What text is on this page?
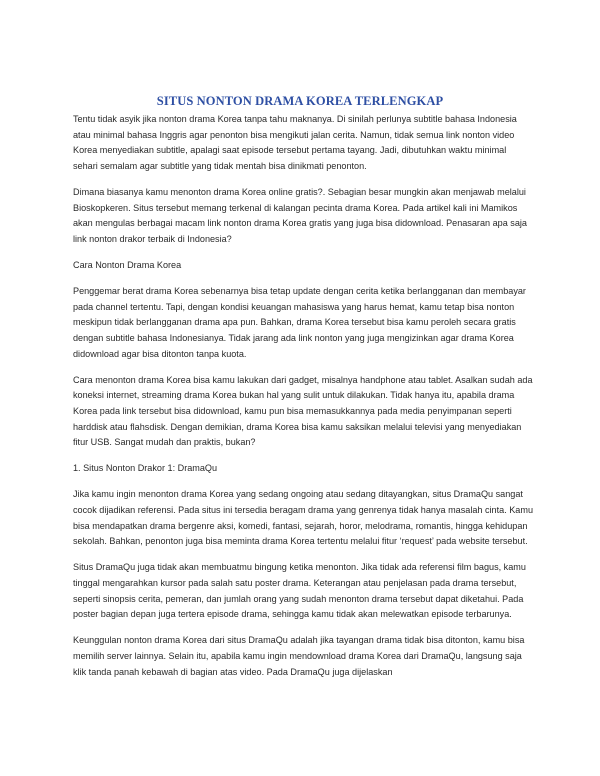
SITUS NONTON DRAMA KOREA TERLENGKAP

Tentu tidak asyik jika nonton drama Korea tanpa tahu maknanya. Di sinilah perlunya subtitle bahasa Indonesia atau minimal bahasa Inggris agar penonton bisa mengikuti jalan cerita. Namun, tidak semua link nonton video Korea menyediakan subtitle, apalagi saat episode tersebut pertama tayang. Jadi, dibutuhkan waktu minimal sehari semalam agar subtitle yang tidak mentah bisa dinikmati penonton.

Dimana biasanya kamu menonton drama Korea online gratis?. Sebagian besar mungkin akan menjawab melalui Bioskopkeren. Situs tersebut memang terkenal di kalangan pecinta drama Korea. Pada artikel kali ini Mamikos akan mengulas berbagai macam link nonton drama Korea gratis yang juga bisa didownload. Penasaran apa saja link nonton drakor terbaik di Indonesia?

Cara Nonton Drama Korea

Penggemar berat drama Korea sebenarnya bisa tetap update dengan cerita ketika berlangganan dan membayar pada channel tertentu. Tapi, dengan kondisi keuangan mahasiswa yang harus hemat, kamu tetap bisa nonton meskipun tidak berlangganan drama apa pun. Bahkan, drama Korea tersebut bisa kamu peroleh secara gratis dengan subtitle bahasa Indonesianya. Tidak jarang ada link nonton yang juga mengizinkan agar drama Korea didownload agar bisa ditonton tanpa kuota.

Cara menonton drama Korea bisa kamu lakukan dari gadget, misalnya handphone atau tablet. Asalkan sudah ada koneksi internet, streaming drama Korea bukan hal yang sulit untuk dilakukan. Tidak hanya itu, apabila drama Korea pada link tersebut bisa didownload, kamu pun bisa memasukkannya pada media penyimpanan seperti harddisk atau flahsdisk. Dengan demikian, drama Korea bisa kamu saksikan melalui televisi yang menyediakan fitur USB. Sangat mudah dan praktis, bukan?

1. Situs Nonton Drakor 1: DramaQu

Jika kamu ingin menonton drama Korea yang sedang ongoing atau sedang ditayangkan, situs DramaQu sangat cocok dijadikan referensi. Pada situs ini tersedia beragam drama yang genrenya tidak hanya masalah cinta. Kamu bisa mendapatkan drama bergenre aksi, komedi, fantasi, sejarah, horor, melodrama, romantis, hingga kehidupan sekolah. Bahkan, penonton juga bisa meminta drama Korea tertentu melalui fitur ‘request’ pada website tersebut.

Situs DramaQu juga tidak akan membuatmu bingung ketika menonton. Jika tidak ada referensi film bagus, kamu tinggal mengarahkan kursor pada salah satu poster drama. Keterangan atau penjelasan pada drama tersebut, seperti sinopsis cerita, pemeran, dan jumlah orang yang sudah menonton drama tersebut dapat diketahui. Pada poster bagian depan juga tertera episode drama, sehingga kamu tidak akan melewatkan episode terbarunya.

Keunggulan nonton drama Korea dari situs DramaQu adalah jika tayangan drama tidak bisa ditonton, kamu bisa memilih server lainnya. Selain itu, apabila kamu ingin mendownload drama Korea dari DramaQu, langsung saja klik tanda panah kebawah di bagian atas video. Pada DramaQu juga dijelaskan
